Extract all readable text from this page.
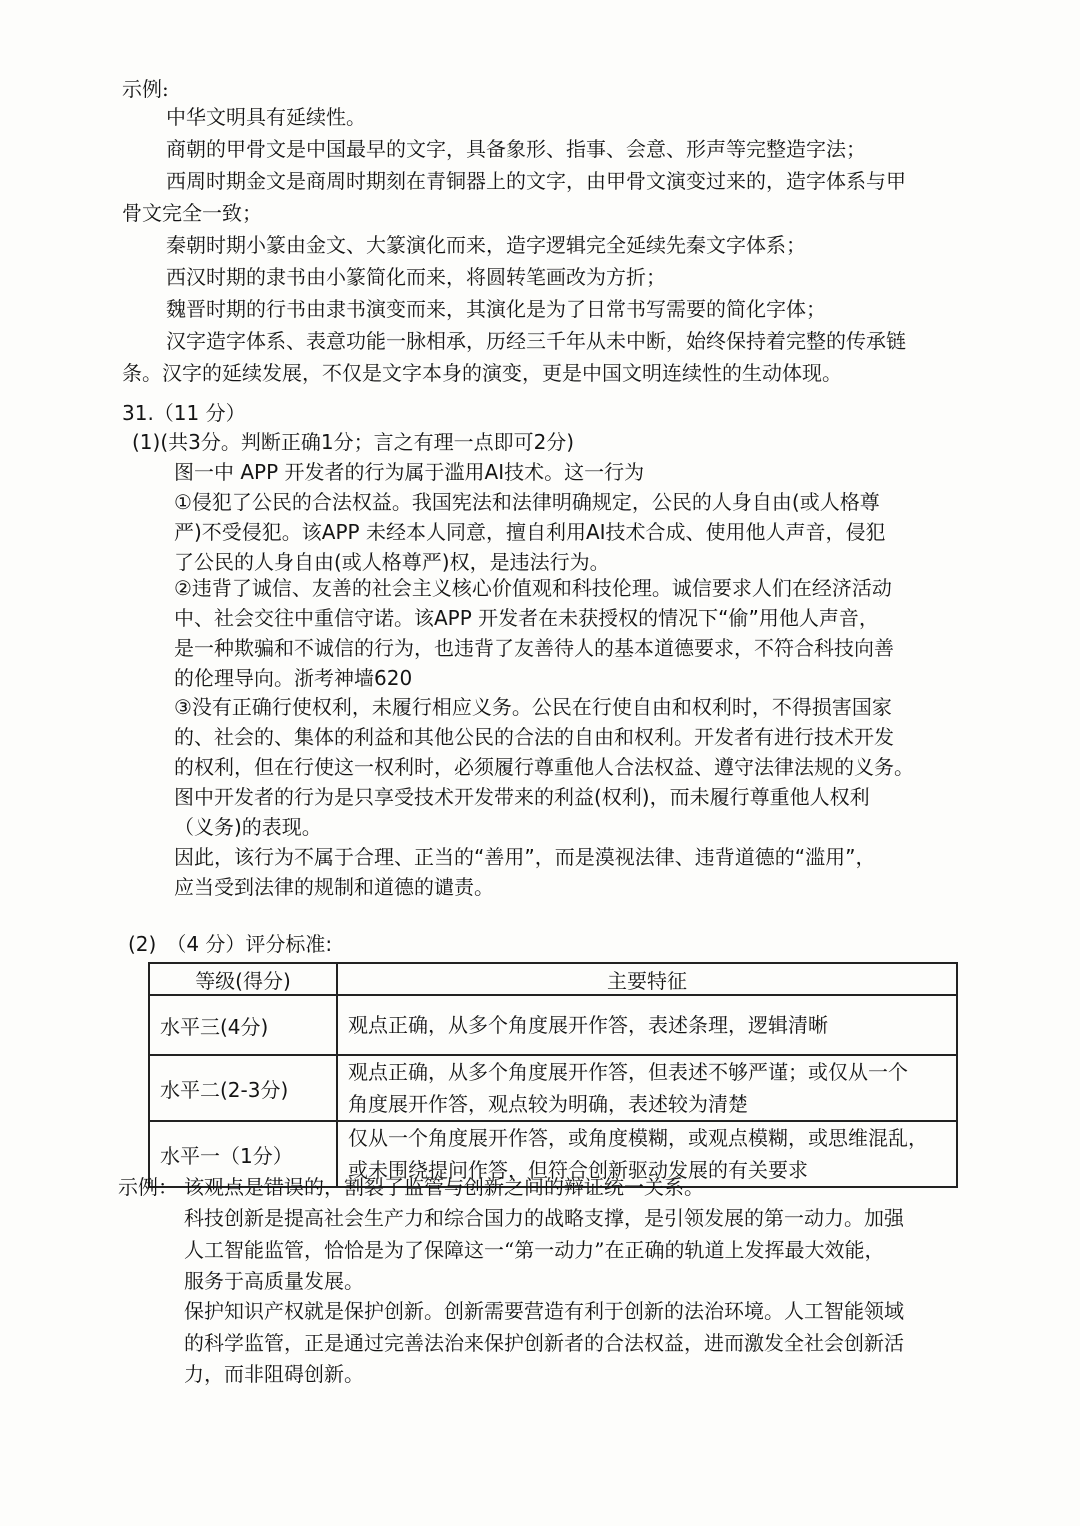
示例:
中华文明具有延续性。
商朝的甲骨文是中国最早的文字，具备象形、指事、会意、形声等完整造字法；
西周时期金文是商周时期刻在青铜器上的文字，由甲骨文演变过来的，造字体系与甲
骨文完全一致；
秦朝时期小篆由金文、大篆演化而来，造字逻辑完全延续先秦文字体系；
西汉时期的隶书由小篆简化而来，将圆转笔画改为方折；
魏晋时期的行书由隶书演变而来，其演化是为了日常书写需要的简化字体；
汉字造字体系、表意功能一脉相承，历经三千年从未中断，始终保持着完整的传承链
条。汉字的延续发展，不仅是文字本身的演变，更是中国文明连续性的生动体现。
31.（11 分）
(1)(共3分。判断正确1分；言之有理一点即可2分)
图一中 APP 开发者的行为属于滥用AI技术。这一行为
①侵犯了公民的合法权益。我国宪法和法律明确规定，公民的人身自由(或人格尊
严)不受侵犯。该APP 未经本人同意，擅自利用AI技术合成、使用他人声音，侵犯
了公民的人身自由(或人格尊严)权，是违法行为。
②违背了诚信、友善的社会主义核心价值观和科技伦理。诚信要求人们在经济活动
中、社会交往中重信守诺。该APP 开发者在未获授权的情况下“偷”用他人声音，
是一种欺骗和不诚信的行为，也违背了友善待人的基本道德要求，不符合科技向善
的伦理导向。浙考神墙620
③没有正确行使权利，未履行相应义务。公民在行使自由和权利时，不得损害国家
的、社会的、集体的利益和其他公民的合法的自由和权利。开发者有进行技术开发
的权利，但在行使这一权利时，必须履行尊重他人合法权益、遵守法律法规的义务。
图中开发者的行为是只享受技术开发带来的利益(权利)，而未履行尊重他人权利
（义务)的表现。
因此，该行为不属于合理、正当的“善用”，而是漠视法律、违背道德的“滥用”，
应当受到法律的规制和道德的谴责。
(2)　（4 分）评分标准:
等级(得分)	主要特征
水平三(4分)	观点正确，从多个角度展开作答，表述条理，逻辑清晰

水平二(2-3分)	观点正确，从多个角度展开作答，但表述不够严谨；或仅从一个
角度展开作答，观点较为明确，表述较为清楚

水平一（1分）	仅从一个角度展开作答，或角度模糊，或观点模糊，或思维混乱，
或未围绕提问作答，但符合创新驱动发展的有关要求
示例： 该观点是错误的，割裂了监管与创新之间的辩证统一关系。
科技创新是提高社会生产力和综合国力的战略支撑，是引领发展的第一动力。加强
人工智能监管，恰恰是为了保障这一“第一动力”在正确的轨道上发挥最大效能，
服务于高质量发展。
保护知识产权就是保护创新。创新需要营造有利于创新的法治环境。人工智能领域
的科学监管，正是通过完善法治来保护创新者的合法权益，进而激发全社会创新活
力，而非阻碍创新。
